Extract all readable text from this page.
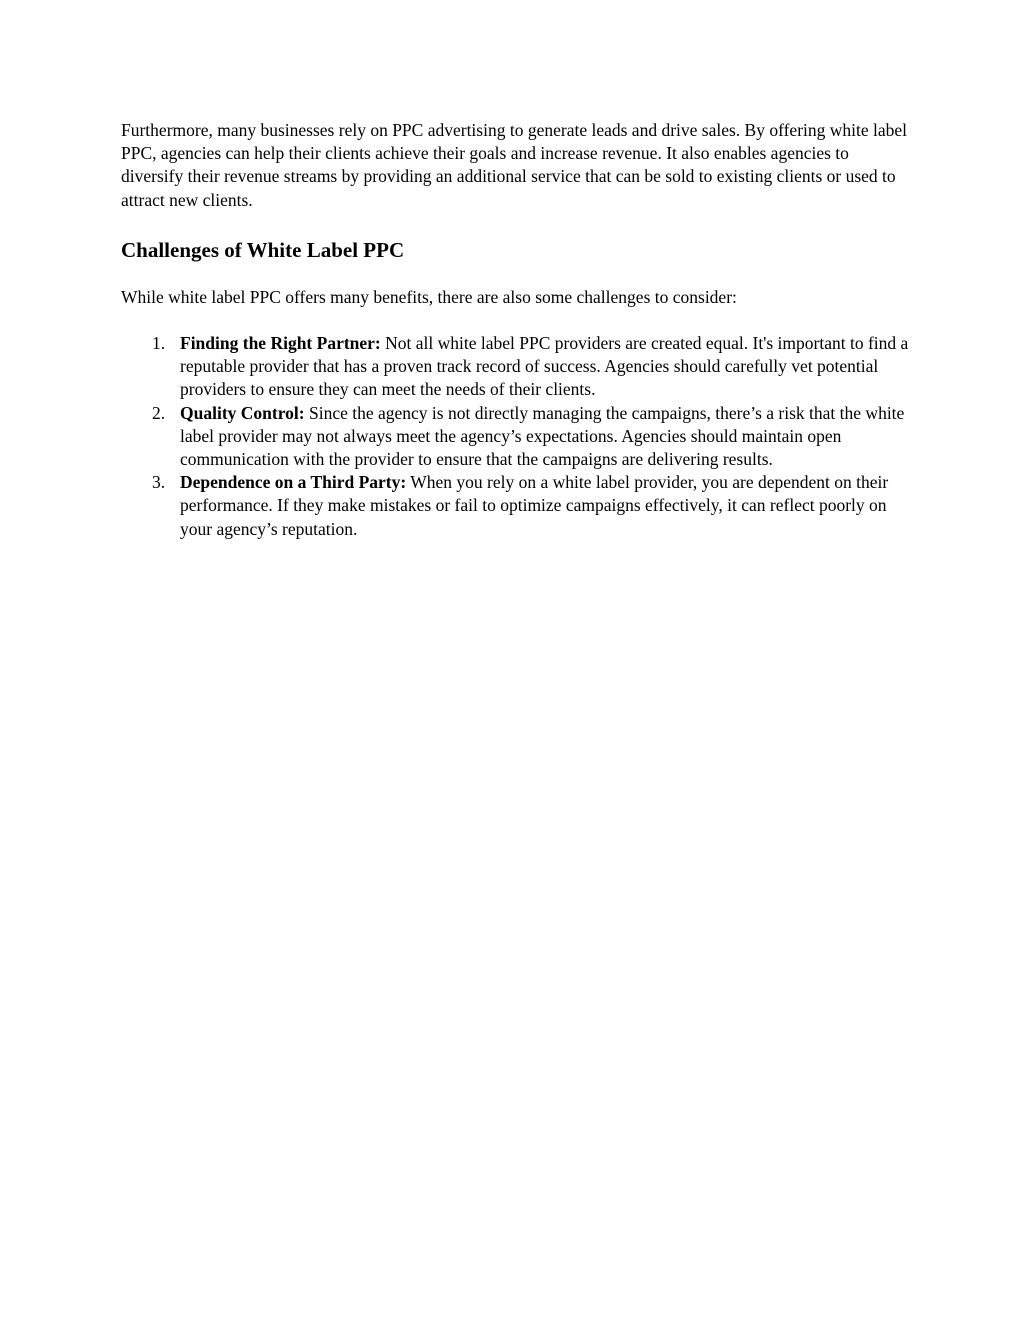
Furthermore, many businesses rely on PPC advertising to generate leads and drive sales. By offering white label PPC, agencies can help their clients achieve their goals and increase revenue. It also enables agencies to diversify their revenue streams by providing an additional service that can be sold to existing clients or used to attract new clients.

Challenges of White Label PPC

While white label PPC offers many benefits, there are also some challenges to consider:

1. Finding the Right Partner: Not all white label PPC providers are created equal. It's important to find a reputable provider that has a proven track record of success. Agencies should carefully vet potential providers to ensure they can meet the needs of their clients.
2. Quality Control: Since the agency is not directly managing the campaigns, there’s a risk that the white label provider may not always meet the agency’s expectations. Agencies should maintain open communication with the provider to ensure that the campaigns are delivering results.
3. Dependence on a Third Party: When you rely on a white label provider, you are dependent on their performance. If they make mistakes or fail to optimize campaigns effectively, it can reflect poorly on your agency’s reputation.
